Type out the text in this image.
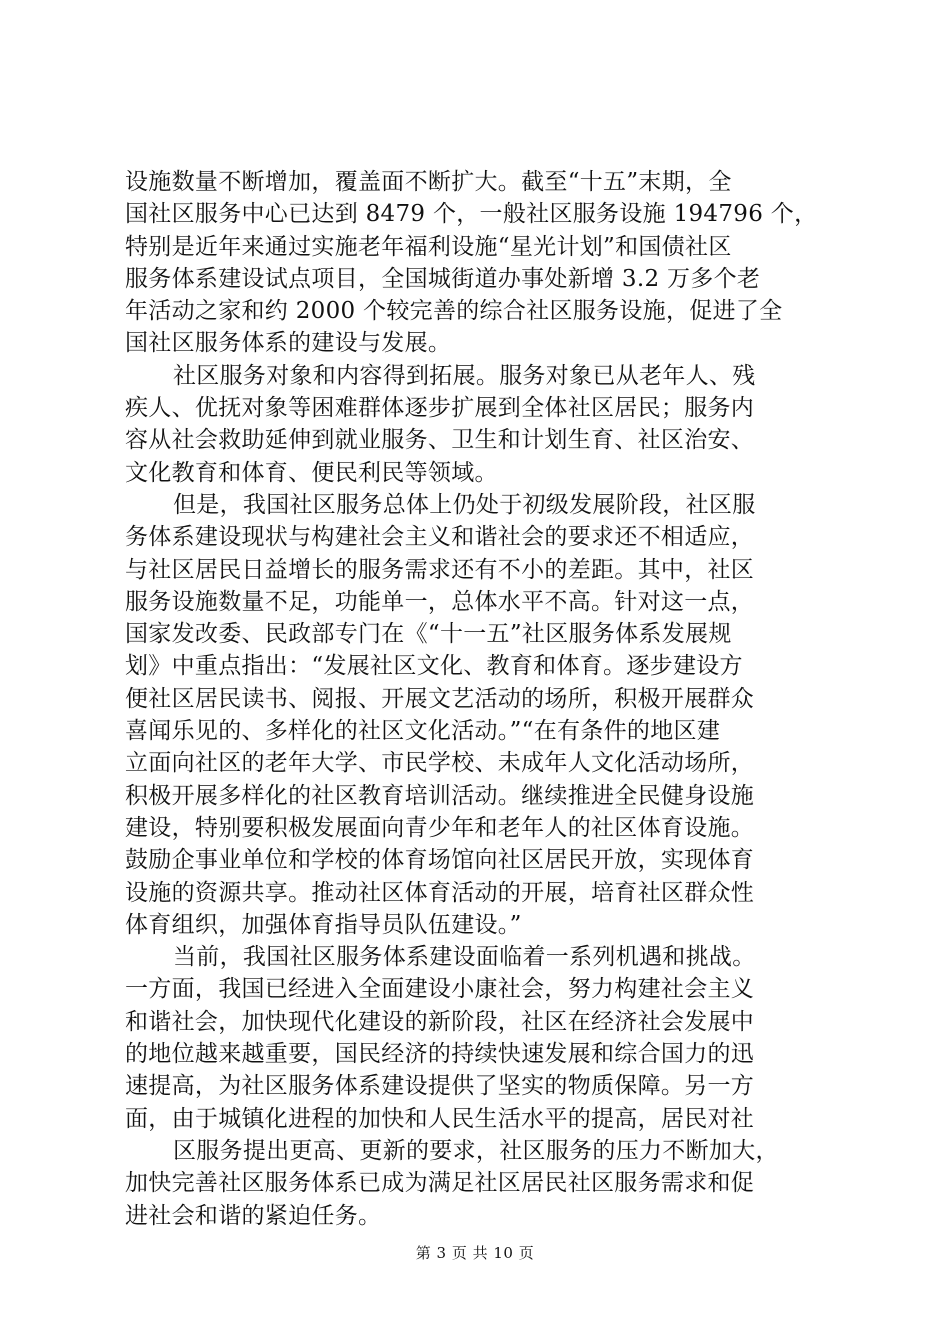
设施数量不断增加，覆盖面不断扩大。截至“十五”末期，全
国社区服务中心已达到 8479 个，一般社区服务设施 194796 个，
特别是近年来通过实施老年福利设施“星光计划”和国债社区
服务体系建设试点项目，全国城街道办事处新增 3.2 万多个老
年活动之家和约 2000 个较完善的综合社区服务设施，促进了全
国社区服务体系的建设与发展。
社区服务对象和内容得到拓展。服务对象已从老年人、残
疾人、优抚对象等困难群体逐步扩展到全体社区居民；服务内
容从社会救助延伸到就业服务、卫生和计划生育、社区治安、
文化教育和体育、便民利民等领域。
但是，我国社区服务总体上仍处于初级发展阶段，社区服
务体系建设现状与构建社会主义和谐社会的要求还不相适应，
与社区居民日益增长的服务需求还有不小的差距。其中，社区
服务设施数量不足，功能单一，总体水平不高。针对这一点，
国家发改委、民政部专门在《“十一五”社区服务体系发展规
划》中重点指出：“发展社区文化、教育和体育。逐步建设方
便社区居民读书、阅报、开展文艺活动的场所，积极开展群众
喜闻乐见的、多样化的社区文化活动。”“在有条件的地区建
立面向社区的老年大学、市民学校、未成年人文化活动场所，
积极开展多样化的社区教育培训活动。继续推进全民健身设施
建设，特别要积极发展面向青少年和老年人的社区体育设施。
鼓励企事业单位和学校的体育场馆向社区居民开放，实现体育
设施的资源共享。推动社区体育活动的开展，培育社区群众性
体育组织，加强体育指导员队伍建设。”
当前，我国社区服务体系建设面临着一系列机遇和挑战。
一方面，我国已经进入全面建设小康社会，努力构建社会主义
和谐社会，加快现代化建设的新阶段，社区在经济社会发展中
的地位越来越重要，国民经济的持续快速发展和综合国力的迅
速提高，为社区服务体系建设提供了坚实的物质保障。另一方
面，由于城镇化进程的加快和人民生活水平的提高，居民对社
区服务提出更高、更新的要求，社区服务的压力不断加大，
加快完善社区服务体系已成为满足社区居民社区服务需求和促
进社会和谐的紧迫任务。
第 3 页 共 10 页
